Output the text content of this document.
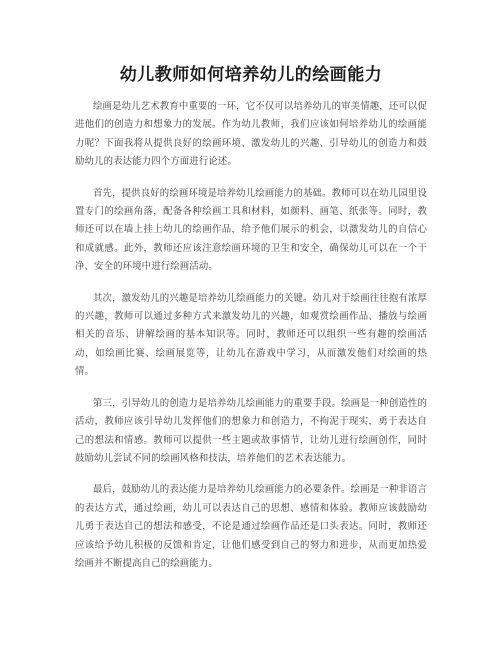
幼儿教师如何培养幼儿的绘画能力

绘画是幼儿艺术教育中重要的一环，它不仅可以培养幼儿的审美情趣，还可以促进他们的创造力和想象力的发展。作为幼儿教师，我们应该如何培养幼儿的绘画能力呢？下面我将从提供良好的绘画环境、激发幼儿的兴趣、引导幼儿的创造力和鼓励幼儿的表达能力四个方面进行论述。

首先，提供良好的绘画环境是培养幼儿绘画能力的基础。教师可以在幼儿园里设置专门的绘画角落，配备各种绘画工具和材料，如颜料、画笔、纸张等。同时，教师还可以在墙上挂上幼儿的绘画作品，给予他们展示的机会，以激发幼儿的自信心和成就感。此外，教师还应该注意绘画环境的卫生和安全，确保幼儿可以在一个干净、安全的环境中进行绘画活动。

其次，激发幼儿的兴趣是培养幼儿绘画能力的关键。幼儿对于绘画往往抱有浓厚的兴趣，教师可以通过多种方式来激发幼儿的兴趣，如观赏绘画作品、播放与绘画相关的音乐、讲解绘画的基本知识等。同时，教师还可以组织一些有趣的绘画活动，如绘画比赛、绘画展览等，让幼儿在游戏中学习，从而激发他们对绘画的热情。

第三，引导幼儿的创造力是培养幼儿绘画能力的重要手段。绘画是一种创造性的活动，教师应该引导幼儿发挥他们的想象力和创造力，不拘泥于现实，勇于表达自己的想法和情感。教师可以提供一些主题或故事情节，让幼儿进行绘画创作，同时鼓励幼儿尝试不同的绘画风格和技法，培养他们的艺术表达能力。

最后，鼓励幼儿的表达能力是培养幼儿绘画能力的必要条件。绘画是一种非语言的表达方式，通过绘画，幼儿可以表达自己的思想、感情和体验。教师应该鼓励幼儿勇于表达自己的想法和感受，不论是通过绘画作品还是口头表达。同时，教师还应该给予幼儿积极的反馈和肯定，让他们感受到自己的努力和进步，从而更加热爱绘画并不断提高自己的绘画能力。
